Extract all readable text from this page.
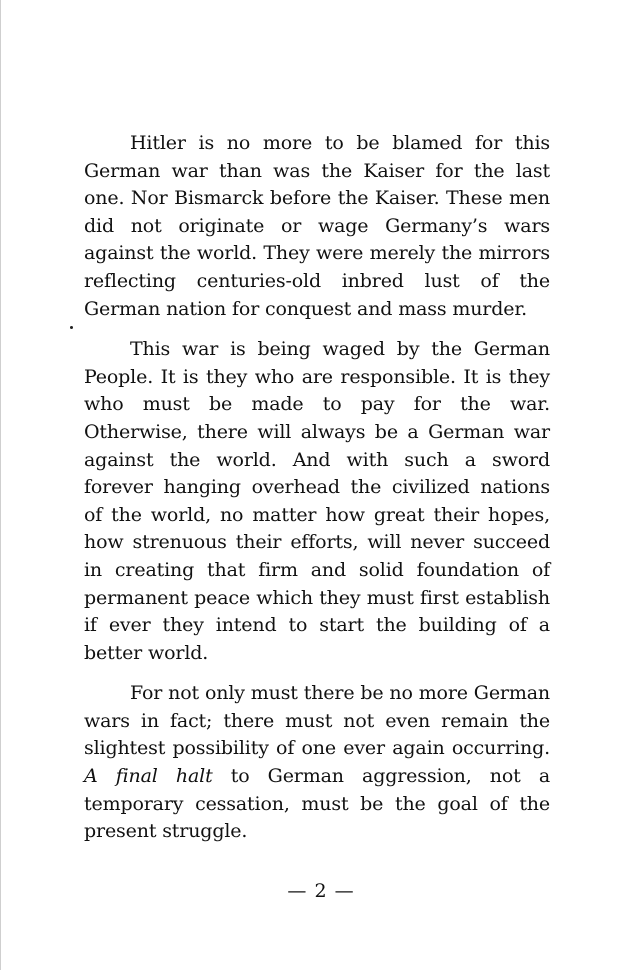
Hitler is no more to be blamed for this German war than was the Kaiser for the last one. Nor Bismarck before the Kaiser. These men did not originate or wage Germany’s wars against the world. They were merely the mirrors reflecting centuries-old inbred lust of the German nation for conquest and mass murder.

This war is being waged by the German People. It is they who are responsible. It is they who must be made to pay for the war. Otherwise, there will always be a German war against the world. And with such a sword forever hanging overhead the civilized nations of the world, no matter how great their hopes, how strenuous their efforts, will never succeed in creating that firm and solid foundation of permanent peace which they must first establish if ever they intend to start the building of a better world.

For not only must there be no more German wars in fact; there must not even remain the slightest possibility of one ever again occurring. A final halt to German aggression, not a temporary cessation, must be the goal of the present struggle.

— 2 —
